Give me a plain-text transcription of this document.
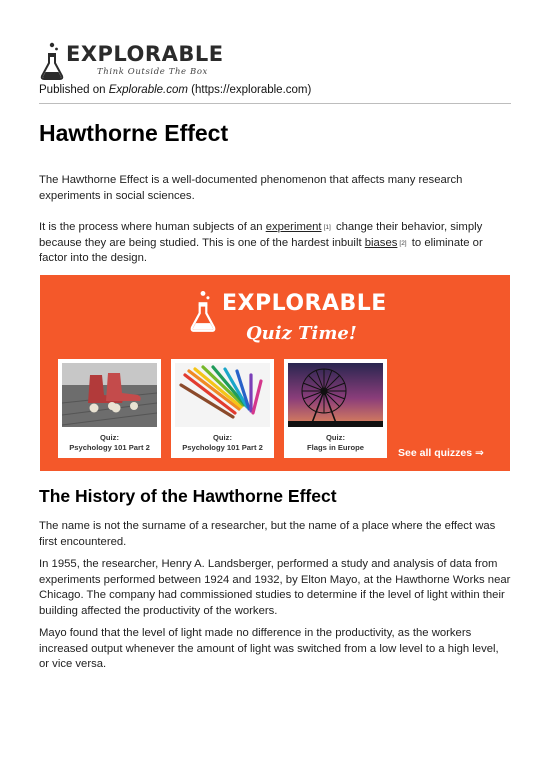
EXPLORABLE
Think Outside The Box
Published on Explorable.com (https://explorable.com)
Hawthorne Effect

The Hawthorne Effect is a well-documented phenomenon that affects many research experiments in social sciences.

It is the process where human subjects of an experiment [1] change their behavior, simply because they are being studied. This is one of the hardest inbuilt biases [2] to eliminate or factor into the design.

EXPLORABLE
Quiz Time!
Quiz:
Psychology 101 Part 2
Quiz:
Psychology 101 Part 2
Quiz:
Flags in Europe	See all quizzes ⇒
The History of the Hawthorne Effect

The name is not the surname of a researcher, but the name of a place where the effect was first encountered.

In 1955, the researcher, Henry A. Landsberger, performed a study and analysis of data from experiments performed between 1924 and 1932, by Elton Mayo, at the Hawthorne Works near Chicago. The company had commissioned studies to determine if the level of light within their building affected the productivity of the workers.

Mayo found that the level of light made no difference in the productivity, as the workers increased output whenever the amount of light was switched from a low level to a high level, or vice versa.
